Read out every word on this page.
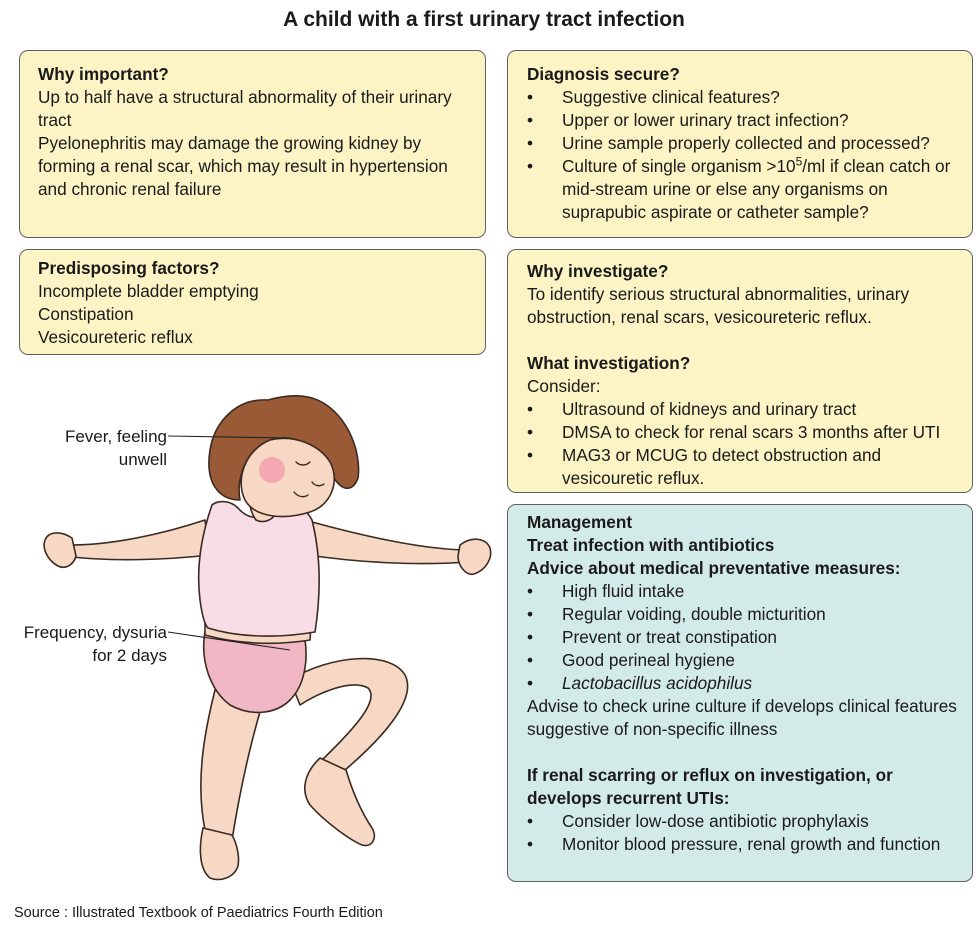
A child with a first urinary tract infection

Why important?

Up to half have a structural abnormality of their urinary tract

Pyelonephritis may damage the growing kidney by forming a renal scar, which may result in hypertension and chronic renal failure

Predisposing factors?

Incomplete bladder emptying

Constipation

Vesicoureteric reflux

Diagnosis secure?

• Suggestive clinical features?
• Upper or lower urinary tract infection?
• Urine sample properly collected and processed?
• Culture of single organism $>10^5/ml$ if clean catch or mid-stream urine or else any organisms on suprapubic aspirate or catheter sample?

Why investigate?

To identify serious structural abnormalities, urinary obstruction, renal scars, vesicoureteric reflux.

What investigation?

Consider:

• Ultrasound of kidneys and urinary tract
• DMSA to check for renal scars 3 months after UTI
• MAG3 or MCUG to detect obstruction and vesicouretic reflux.

Management

Treat infection with antibiotics

Advice about medical preventative measures:

• High fluid intake
• Regular voiding, double micturition
• Prevent or treat constipation
• Good perineal hygiene
• Lactobacillus acidophilus

Advise to check urine culture if develops clinical features suggestive of non-specific illness

If renal scarring or reflux on investigation, or develops recurrent UTIs:

• Consider low-dose antibiotic prophylaxis
• Monitor blood pressure, renal growth and function
Fever, feeling
unwell
Frequency, dysuria
for 2 days
Source : Illustrated Textbook of Paediatrics Fourth Edition
